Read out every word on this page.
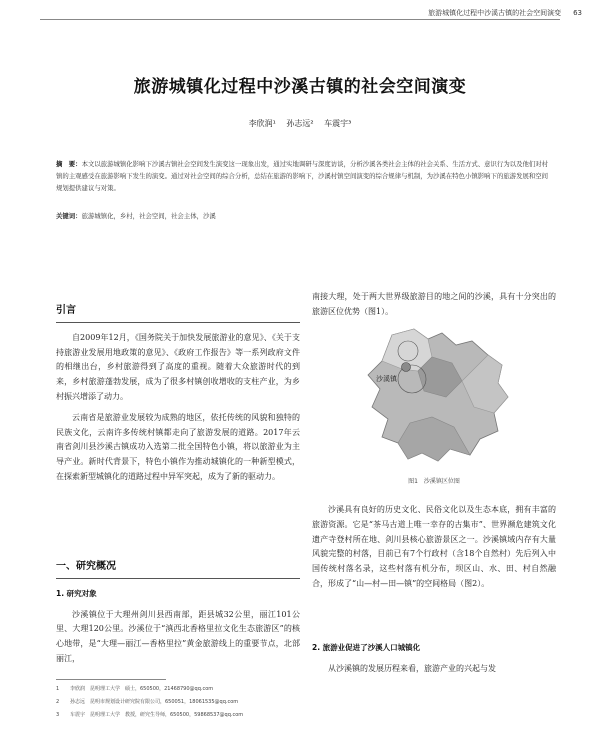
旅游城镇化过程中沙溪古镇的社会空间演变 63
旅游城镇化过程中沙溪古镇的社会空间演变
李欣润¹ 孙志远² 车震宇³
摘　要：本文以旅游城镇化影响下沙溪古镇社会空间发生演变这一现象出发，通过实地调研与深度访谈，分析沙溪各类社会主体的社会关系、生活方式、意识行为以及他们对村镇的主观感受在旅游影响下发生的演变。通过对社会空间的综合分析，总结在旅游的影响下，沙溪村镇空间演变的综合规律与机制，为沙溪在特色小镇影响下的旅游发展和空间规划提供建议与对策。
关键词：旅游城镇化，乡村，社会空间，社会主体，沙溪
引言

自2009年12月，《国务院关于加快发展旅游业的意见》、《关于支持旅游业发展用地政策的意见》、《政府工作报告》等一系列政府文件的相继出台，乡村旅游得到了高度的重视。随着大众旅游时代的到来，乡村旅游蓬勃发展，成为了很多村镇创收增收的支柱产业，为乡村振兴增添了动力。

云南省是旅游业发展较为成熟的地区，依托传统的风貌和独特的民族文化，云南许多传统村镇都走向了旅游发展的道路。2017年云南省剑川县沙溪古镇成功入选第二批全国特色小镇，将以旅游业为主导产业。新时代背景下，特色小镇作为推动城镇化的一种新型模式，在探索新型城镇化的道路过程中异军突起，成为了新的驱动力。

一、研究概况
1. 研究对象

沙溪镇位于大理州剑川县西南部，距县城32公里，丽江101公里、大理120公里。沙溪位于“滇西北香格里拉文化生态旅游区”的核心地带，是“大理—丽江—香格里拉”黄金旅游线上的重要节点，北部丽江，

南接大理，处于两大世界级旅游目的地之间的沙溪，具有十分突出的旅游区位优势（图1）。

沙溪镇
图1　沙溪镇区位图

沙溪具有良好的历史文化、民俗文化以及生态本底，拥有丰富的旅游资源。它是“茶马古道上唯一幸存的古集市”、世界濒危建筑文化遗产寺登村所在地、剑川县核心旅游景区之一。沙溪镇域内存有大量风貌完整的村落，目前已有7个行政村（含18个自然村）先后列入中国传统村落名录，这些村落有机分布，坝区山、水、田、村自然融合，形成了“山—村—田—镇”的空间格局（图2）。

2. 旅游业促进了沙溪人口城镇化

从沙溪镇的发展历程来看，旅游产业的兴起与发

1 李欣润　昆明理工大学　硕士，650500，21468790@qq.com
2 孙志远　昆明市规划设计研究院有限公司，650051，18061535@qq.com
3 车震宇　昆明理工大学　教授，研究生导师，650500，59868537@qq.com
